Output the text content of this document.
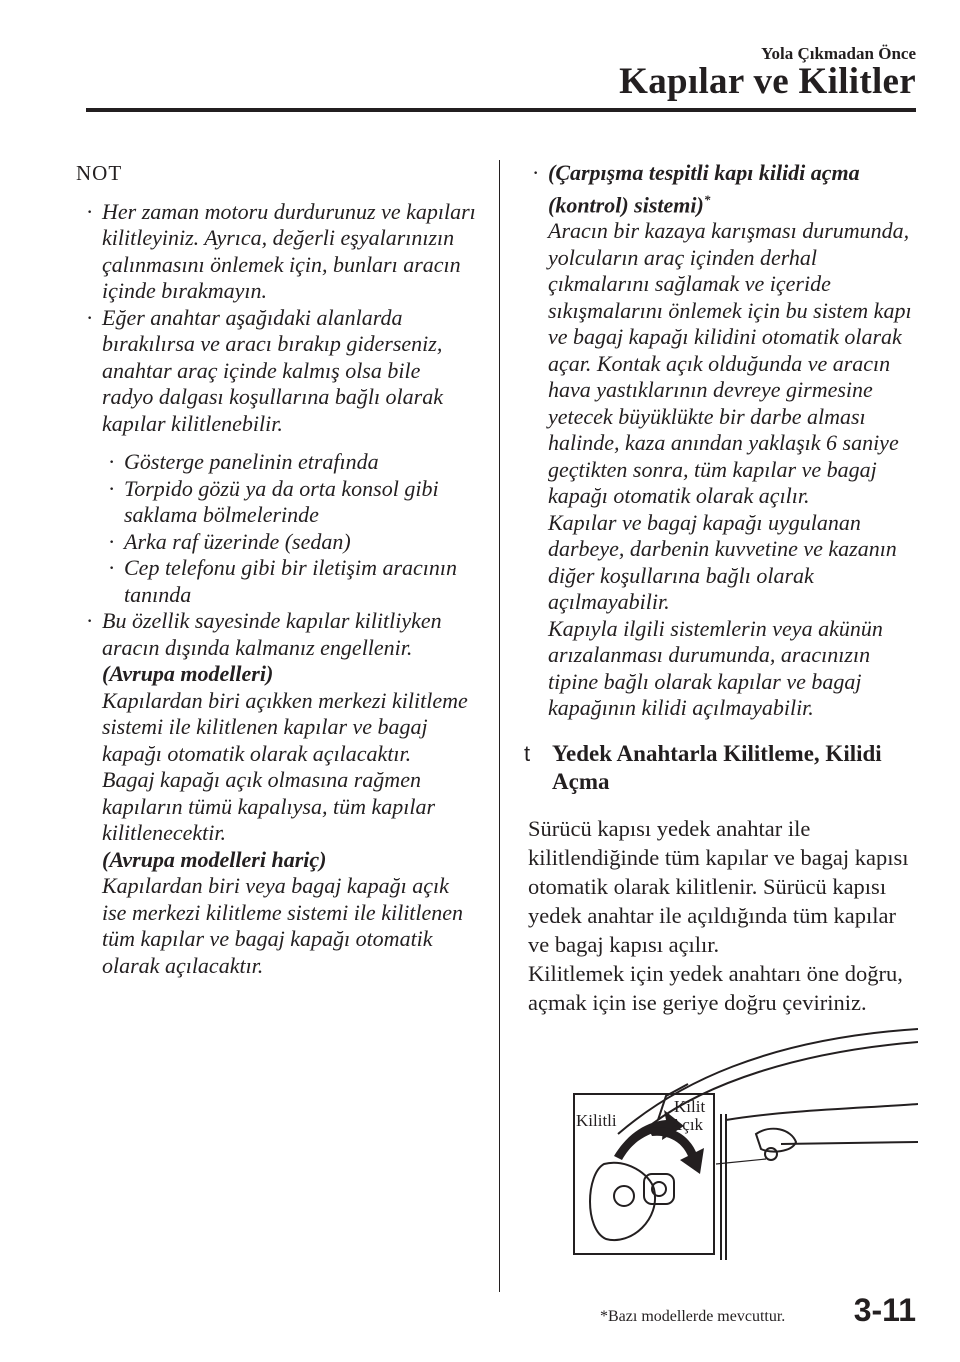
Yola Çıkmadan Önce
Kapılar ve Kilitler
NOT
· Her zaman motoru durdurunuz ve kapıları kilitleyiniz. Ayrıca, değerli eşyalarınızın çalınmasını önlemek için, bunları aracın içinde bırakmayın.
· Eğer anahtar aşağıdaki alanlarda bırakılırsa ve aracı bırakıp giderseniz, anahtar araç içinde kalmış olsa bile radyo dalgası koşullarına bağlı olarak kapılar kilitlenebilir.
· Gösterge panelinin etrafında
· Torpido gözü ya da orta konsol gibi saklama bölmelerinde
· Arka raf üzerinde (sedan)
· Cep telefonu gibi bir iletişim aracının tanında
· Bu özellik sayesinde kapılar kilitliyken aracın dışında kalmanız engellenir.
(Avrupa modelleri)
Kapılardan biri açıkken merkezi kilitleme sistemi ile kilitlenen kapılar ve bagaj kapağı otomatik olarak açılacaktır.
Bagaj kapağı açık olmasına rağmen kapıların tümü kapalıysa, tüm kapılar kilitlenecektir.
(Avrupa modelleri hariç)
Kapılardan biri veya bagaj kapağı açık ise merkezi kilitleme sistemi ile kilitlenen tüm kapılar ve bagaj kapağı otomatik olarak açılacaktır.
· (Çarpışma tespitli kapı kilidi açma (kontrol) sistemi)*
Aracın bir kazaya karışması durumunda, yolcuların araç içinden derhal çıkmalarını sağlamak ve içeride sıkışmalarını önlemek için bu sistem kapı ve bagaj kapağı kilidini otomatik olarak açar. Kontak açık olduğunda ve aracın hava yastıklarının devreye girmesine yetecek büyüklükte bir darbe alması halinde, kaza anından yaklaşık 6 saniye geçtikten sonra, tüm kapılar ve bagaj kapağı otomatik olarak açılır.
Kapılar ve bagaj kapağı uygulanan darbeye, darbenin kuvvetine ve kazanın diğer koşullarına bağlı olarak açılmayabilir.
Kapıyla ilgili sistemlerin veya akünün arızalanması durumunda, aracınızın tipine bağlı olarak kapılar ve bagaj kapağının kilidi açılmayabilir.
t Yedek Anahtarla Kilitleme, Kilidi Açma
Sürücü kapısı yedek anahtar ile kilitlendiğinde tüm kapılar ve bagaj kapısı otomatik olarak kilitlenir. Sürücü kapısı yedek anahtar ile açıldığında tüm kapılar ve bagaj kapısı açılır.
Kilitlemek için yedek anahtarı öne doğru, açmak için ise geriye doğru çeviriniz.
Kilitli
Kilit
Açık
*Bazı modellerde mevcuttur. 3-11
